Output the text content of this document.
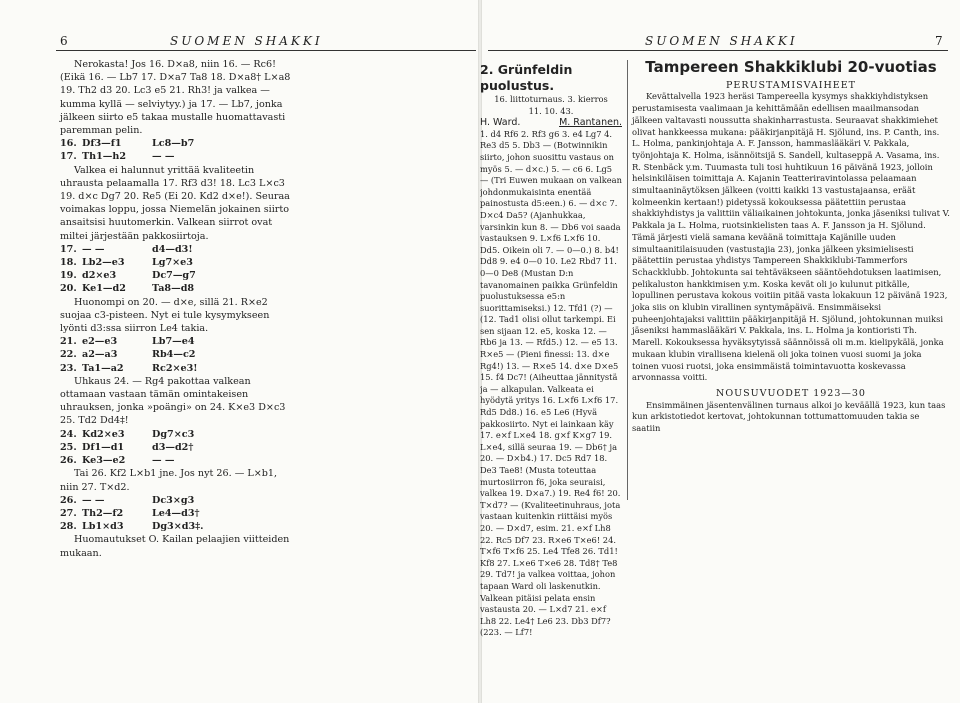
6	SUOMEN SHAKKI

Nerokasta! Jos 16. D×a8, niin 16. — Rc6! (Eikä 16. — Lb7 17. D×a7 Ta8 18. D×a8† L×a8 19. Th2 d3 20. Lc3 e5 21. Rh3! ja valkea — kumma kyllä — selviytyy.) ja 17. — Lb7, jonka jälkeen siirto e5 takaa mustalle huomattavasti paremman pelin.

16. Df3—f1	Lc8—b7
17. Th1—h2	— —

Valkea ei halunnut yrittää kvaliteetin uhrausta pelaamalla 17. Rf3 d3! 18. Lc3 L×c3 19. d×c Dg7 20. Re5 (Ei 20. Kd2 d×e!). Seuraa voimakas loppu, jossa Niemelän jokainen siirto ansaitsisi huutomerkin. Valkean siirrot ovat miltei järjestään pakkosiirtoja.

17. — —	d4—d3!
18. Lb2—e3	Lg7×e3
19. d2×e3	Dc7—g7
20. Ke1—d2	Ta8—d8

Huonompi on 20. — d×e, sillä 21. R×e2 suojaa c3-pisteen. Nyt ei tule kysymykseen lyönti d3:ssa siirron Le4 takia.

21. e2—e3	Lb7—e4
22. a2—a3	Rb4—c2
23. Ta1—a2	Rc2×e3!

Uhkaus 24. — Rg4 pakottaa valkean ottamaan vastaan tämän omintakeisen uhrauksen, jonka »poängi» on 24. K×e3 D×c3 25. Td2 Dd4‡!

24. Kd2×e3	Dg7×c3
25. Df1—d1	d3—d2†
26. Ke3—e2	— —

Tai 26. Kf2 L×b1 jne. Jos nyt 26. — L×b1, niin 27. T×d2.

26. — —	Dc3×g3
27. Th2—f2	Le4—d3†
28. Lb1×d3	Dg3×d3‡.

Huomautukset O. Kailan pelaajien viitteiden mukaan.

SUOMEN SHAKKI	7
2. Grünfeldin puolustus.

16. liittoturnaus. 3. kierros

11. 10. 43.

H. Ward.	M. Rantanen.

1. d4 Rf6 2. Rf3 g6 3. e4 Lg7 4. Re3 d5 5. Db3 — (Botwinnikin siirto, johon suosittu vastaus on myös 5. — d×c.) 5. — c6 6. Lg5 — (Tri Euwen mukaan on valkean johdonmukaisinta enentää painostusta d5:een.) 6. — d×c 7. D×c4 Da5? (Ajanhukkaa, varsinkin kun 8. — Db6 voi saada vastauksen 9. L×f6 L×f6 10. Dd5. Oikein oli 7. — 0—0.) 8. b4! Dd8 9. e4 0—0 10. Le2 Rbd7 11. 0—0 De8 (Mustan D:n tavanomainen paikka Grünfeldin puolustuksessa e5:n suorittamiseksi.) 12. Tfd1 (?) — (12. Tad1 olisi ollut tarkempi. Ei sen sijaan 12. e5, koska 12. — Rb6 ja 13. — Rfd5.) 12. — e5 13. R×e5 — (Pieni finessi: 13. d×e Rg4!) 13. — R×e5 14. d×e D×e5 15. f4 Dc7! (Aiheuttaa jännitystä ja — alkapulan. Valkeata ei hyödytä yritys 16. L×f6 L×f6 17. Rd5 Dd8.) 16. e5 Le6 (Hyvä pakkosiirto. Nyt ei lainkaan käy 17. e×f L×e4 18. g×f K×g7 19. L×e4, sillä seuraa 19. — Db6† ja 20. — D×b4.) 17. Dc5 Rd7 18. De3 Tae8! (Musta toteuttaa murtosiirron f6, joka seuraisi, valkea 19. D×a7.) 19. Re4 f6! 20. T×d7? — (Kvaliteetinuhraus, jota vastaan kuitenkin riittäisi myös 20. — D×d7, esim. 21. e×f Lh8 22. Rc5 Df7 23. R×e6 T×e6! 24. T×f6 T×f6 25. Le4 Tfe8 26. Td1! Kf8 27. L×e6 T×e6 28. Td8† Te8 29. Td7! ja valkea voittaa, johon tapaan Ward oli laskenutkin. Valkean pitäisi pelata ensin vastausta 20. — L×d7 21. e×f Lh8 22. Le4† Le6 23. Db3 Df7? (223. — Lf7!

Tampereen Shakkiklubi 20-vuotias
PERUSTAMISVAIHEET

Kevättalvella 1923 heräsi Tampereella kysymys shakkiyhdistyksen perustamisesta vaalimaan ja kehittämään edellisen maailmansodan jälkeen valtavasti noussutta shakinharrastusta. Seuraavat shakkimiehet olivat hankkeessa mukana: pääkirjanpitäjä H. Sjölund, ins. P. Canth, ins. L. Holma, pankinjohtaja A. F. Jansson, hammaslääkäri V. Pakkala, työnjohtaja K. Holma, isännöitsijä S. Sandell, kultaseppä A. Vasama, ins. R. Stenbäck y.m. Tuumasta tuli tosi huhtikuun 16 päivänä 1923, jolloin helsinkiläisen toimittaja A. Kajanin Teatteriravintolassa pelaamaan simultaaninäytöksen jälkeen (voitti kaikki 13 vastustajaansa, eräät kolmeenkin kertaan!) pidetyssä kokouksessa päätettiin perustaa shakkiyhdistys ja valittiin väliaikainen johtokunta, jonka jäseniksi tulivat V. Pakkala ja L. Holma, ruotsinkielisten taas A. F. Jansson ja H. Sjölund. Tämä järjesti vielä samana keväänä toimittaja Kajänille uuden simultaanitilaisuuden (vastustajia 23), jonka jälkeen yksimielisesti päätettiin perustaa yhdistys Tampereen Shakkiklubi-Tammerfors Schackklubb. Johtokunta sai tehtäväkseen sääntöehdotuksen laatimisen, pelikaluston hankkimisen y.m. Koska kevät oli jo kulunut pitkälle, lopullinen perustava kokous voitiin pitää vasta lokakuun 12 päivänä 1923, joka siis on klubin virallinen syntymäpäivä. Ensimmäiseksi puheenjohtajaksi valittiin pääkirjanpitäjä H. Sjölund, johtokunnan muiksi jäseniksi hammaslääkäri V. Pakkala, ins. L. Holma ja kontioristi Th. Marell. Kokouksessa hyväksytyissä säännöissä oli m.m. kielipykälä, jonka mukaan klubin virallisena kielenä oli joka toinen vuosi suomi ja joka toinen vuosi ruotsi, joka ensimmäistä toimintavuotta koskevassa arvonnassa voitti.

NOUSUVUODET 1923—30

Ensimmäinen jäsentenvälinen turnaus alkoi jo keväällä 1923, kun taas kun arkistotiedot kertovat, johtokunnan tottumattomuuden takia se saatiin
